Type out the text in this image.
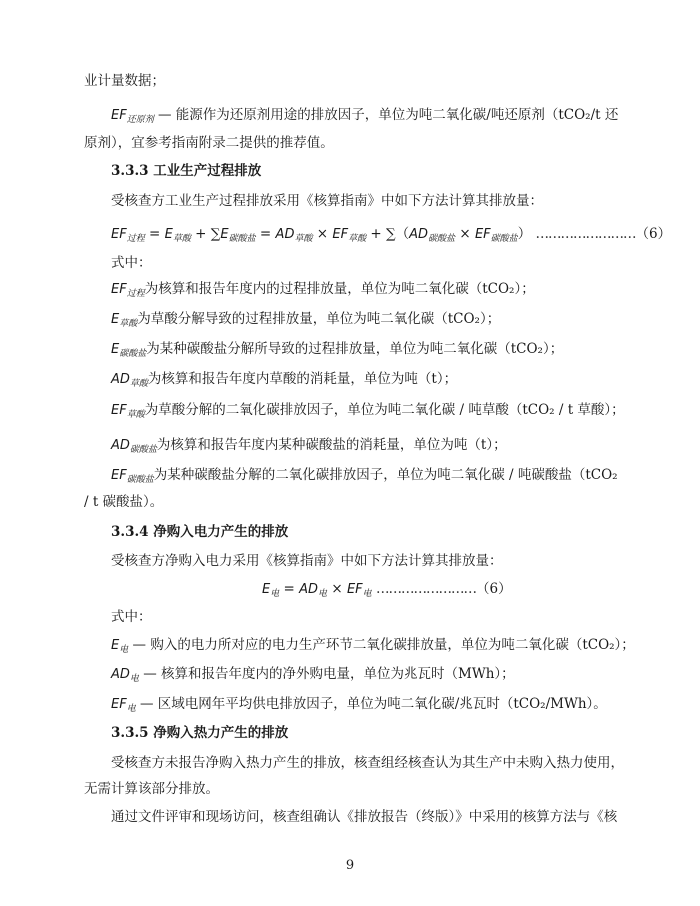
业计量数据；
$EF_{还原剂}$ — 能源作为还原剂用途的排放因子，单位为吨二氧化碳/吨还原剂（tCO₂/t 还
原剂），宜参考指南附录二提供的推荐值。
3.3.3 工业生产过程排放
受核查方工业生产过程排放采用《核算指南》中如下方法计算其排放量：
$EF_{过程} = E_{草酸} + \sum E_{碳酸盐} = AD_{草酸} \times EF_{草酸} + \sum(AD_{碳酸盐} \times EF_{碳酸盐})$ ……………………（6）
式中：
$EF_{过程}$为核算和报告年度内的过程排放量，单位为吨二氧化碳（tCO₂）；
$E_{草酸}$为草酸分解导致的过程排放量，单位为吨二氧化碳（tCO₂）；
$E_{碳酸盐}$为某种碳酸盐分解所导致的过程排放量，单位为吨二氧化碳（tCO₂）；
$AD_{草酸}$为核算和报告年度内草酸的消耗量，单位为吨（t）；
$EF_{草酸}$为草酸分解的二氧化碳排放因子，单位为吨二氧化碳 / 吨草酸（tCO₂ / t 草酸）；
$AD_{碳酸盐}$为核算和报告年度内某种碳酸盐的消耗量，单位为吨（t）；
$EF_{碳酸盐}$为某种碳酸盐分解的二氧化碳排放因子，单位为吨二氧化碳 / 吨碳酸盐（tCO₂
/ t 碳酸盐）。
3.3.4 净购入电力产生的排放
受核查方净购入电力采用《核算指南》中如下方法计算其排放量：
$E_电 = AD_电 \times EF_电$ ……………………（6）
式中：
$E_电$ — 购入的电力所对应的电力生产环节二氧化碳排放量，单位为吨二氧化碳（tCO₂）；
$AD_电$ — 核算和报告年度内的净外购电量，单位为兆瓦时（MWh）；
$EF_电$ — 区域电网年平均供电排放因子，单位为吨二氧化碳/兆瓦时（tCO₂/MWh）。
3.3.5 净购入热力产生的排放
受核查方未报告净购入热力产生的排放，核查组经核查认为其生产中未购入热力使用，
无需计算该部分排放。
通过文件评审和现场访问，核查组确认《排放报告（终版）》中采用的核算方法与《核
9
